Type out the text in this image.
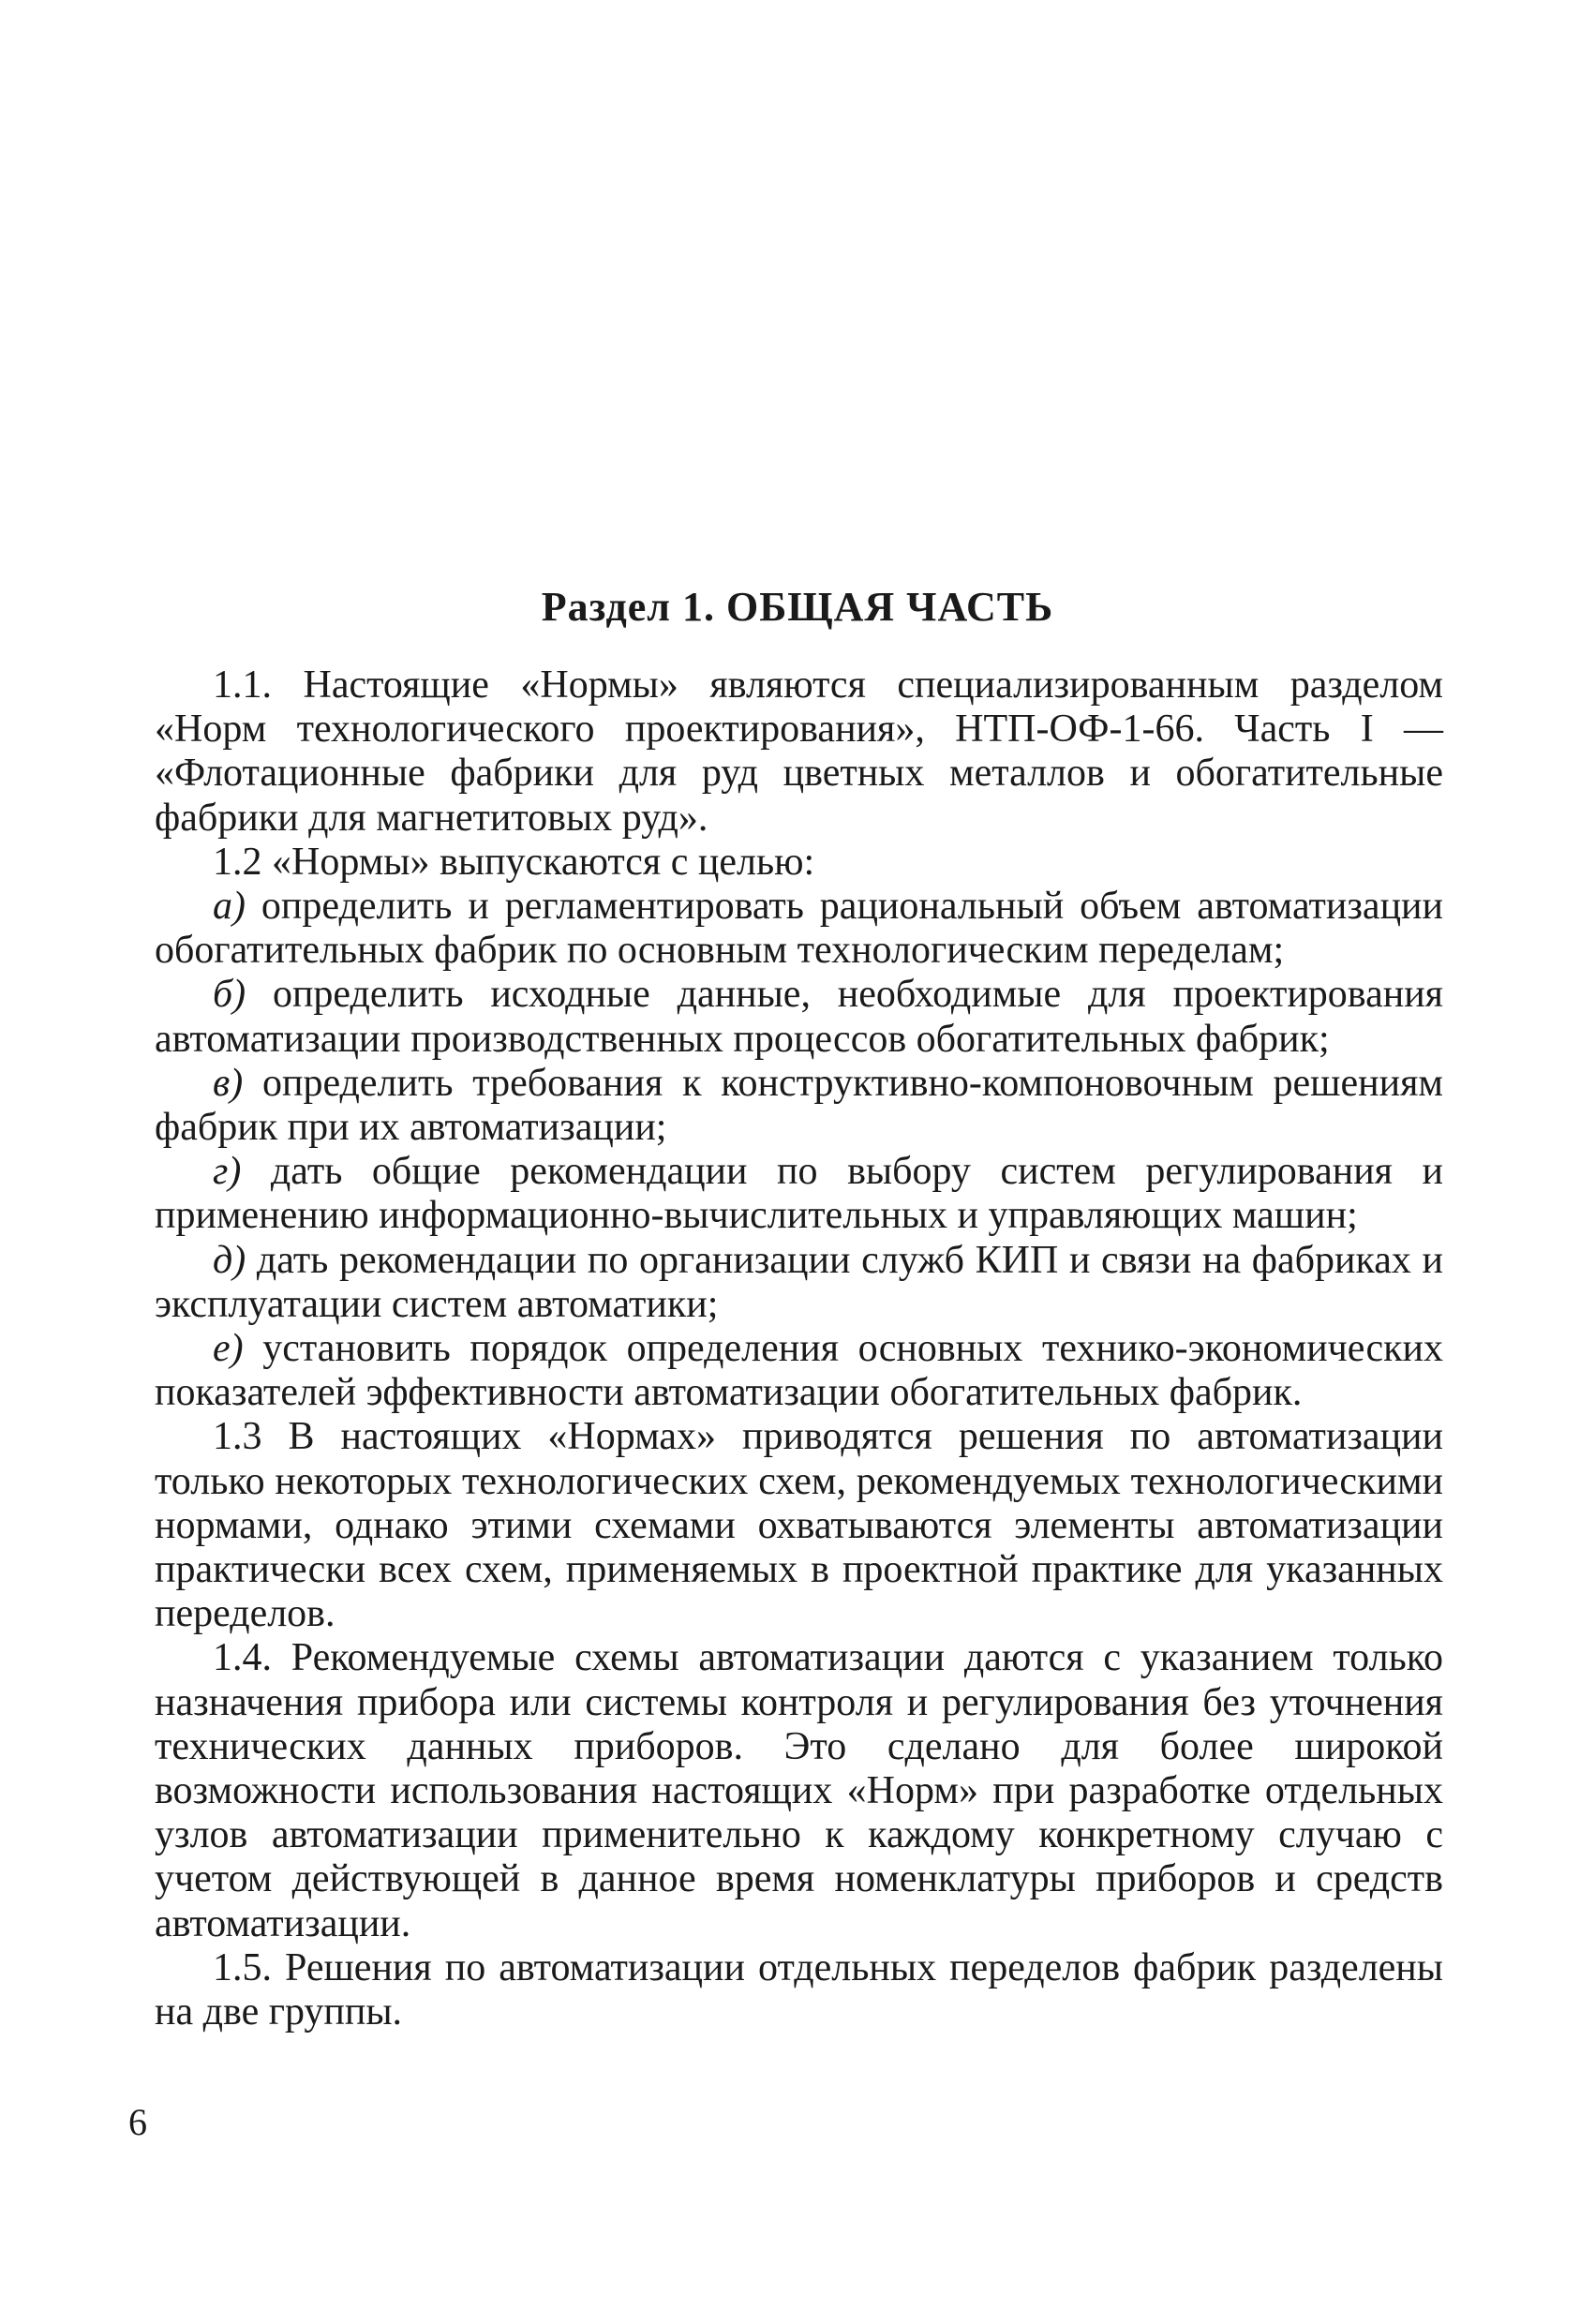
Раздел 1. ОБЩАЯ ЧАСТЬ

1.1. Настоящие «Нормы» являются специализированным разделом «Норм технологического проектирования», НТП-ОФ-1-66. Часть I — «Флотационные фабрики для руд цветных металлов и обогатительные фабрики для магнетитовых руд».

1.2 «Нормы» выпускаются с целью:

а) определить и регламентировать рациональный объем автоматизации обогатительных фабрик по основным технологическим переделам;

б) определить исходные данные, необходимые для проектирования автоматизации производственных процессов обогатительных фабрик;

в) определить требования к конструктивно-компоновочным решениям фабрик при их автоматизации;

г) дать общие рекомендации по выбору систем регулирования и применению информационно-вычислительных и управляющих машин;

д) дать рекомендации по организации служб КИП и связи на фабриках и эксплуатации систем автоматики;

е) установить порядок определения основных технико-экономических показателей эффективности автоматизации обогатительных фабрик.

1.3 В настоящих «Нормах» приводятся решения по автоматизации только некоторых технологических схем, рекомендуемых технологическими нормами, однако этими схемами охватываются элементы автоматизации практически всех схем, применяемых в проектной практике для указанных переделов.

1.4. Рекомендуемые схемы автоматизации даются с указанием только назначения прибора или системы контроля и регулирования без уточнения технических данных приборов. Это сделано для более широкой возможности использования настоящих «Норм» при разработке отдельных узлов автоматизации применительно к каждому конкретному случаю с учетом действующей в данное время номенклатуры приборов и средств автоматизации.

1.5. Решения по автоматизации отдельных переделов фабрик разделены на две группы.

6
